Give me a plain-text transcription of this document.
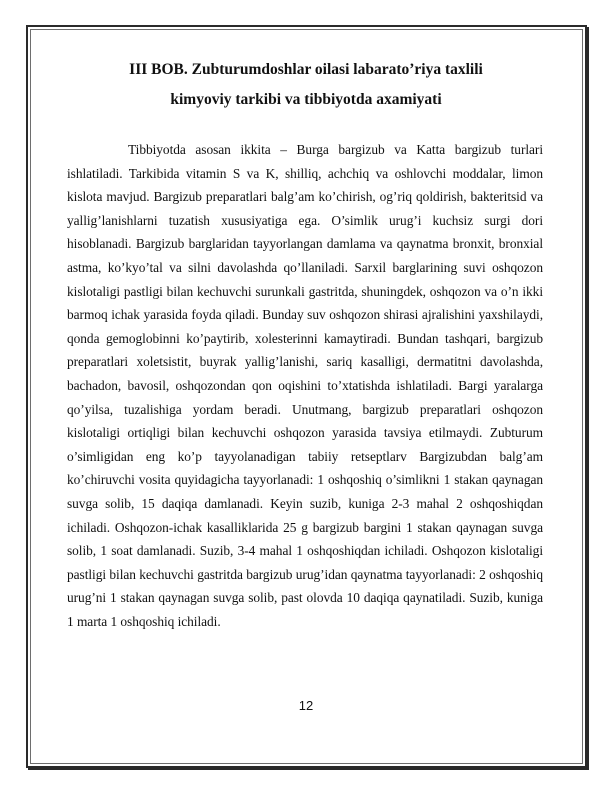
III BOB. Zubturumdoshlar oilasi labarato’riya taxlili
kimyoviy tarkibi va tibbiyotda axamiyati

Tibbiyotda asosan ikkita – Burga bargizub va Katta bargizub turlari ishlatiladi. Tarkibida vitamin S va K, shilliq, achchiq va oshlovchi moddalar, limon kislota mavjud. Bargizub preparatlari balg’am ko’chirish, og’riq qoldirish, bakteritsid va yallig’lanishlarni tuzatish xususiyatiga ega. O’simlik urug’i kuchsiz surgi dori hisoblanadi. Bargizub barglaridan tayyorlangan damlama va qaynatma bronxit, bronxial astma, ko’kyo’tal va silni davolashda qo’llaniladi. Sarxil barglarining suvi oshqozon kislotaligi pastligi bilan kechuvchi surunkali gastritda, shuningdek, oshqozon va o’n ikki barmoq ichak yarasida foyda qiladi. Bunday suv oshqozon shirasi ajralishini yaxshilaydi, qonda gemoglobinni ko’paytirib, xolesterinni kamaytiradi. Bundan tashqari, bargizub preparatlari xoletsistit, buyrak yallig’lanishi, sariq kasalligi, dermatitni davolashda, bachadon, bavosil, oshqozondan qon oqishini to’xtatishda ishlatiladi. Bargi yaralarga qo’yilsa, tuzalishiga yordam beradi. Unutmang, bargizub preparatlari oshqozon kislotaligi ortiqligi bilan kechuvchi oshqozon yarasida tavsiya etilmaydi. Zubturum o’simligidan eng ko’p tayyolanadigan tabiiy retseptlarv Bargizubdan balg’am ko’chiruvchi vosita quyidagicha tayyorlanadi: 1 oshqoshiq o’simlikni 1 stakan qaynagan suvga solib, 15 daqiqa damlanadi. Keyin suzib, kuniga 2-3 mahal 2 oshqoshiqdan ichiladi. Oshqozon-ichak kasalliklarida 25 g bargizub bargini 1 stakan qaynagan suvga solib, 1 soat damlanadi. Suzib, 3-4 mahal 1 oshqoshiqdan ichiladi. Oshqozon kislotaligi pastligi bilan kechuvchi gastritda bargizub urug’idan qaynatma tayyorlanadi: 2 oshqoshiq urug’ni 1 stakan qaynagan suvga solib, past olovda 10 daqiqa qaynatiladi. Suzib, kuniga 1 marta 1 oshqoshiq ichiladi.

12
